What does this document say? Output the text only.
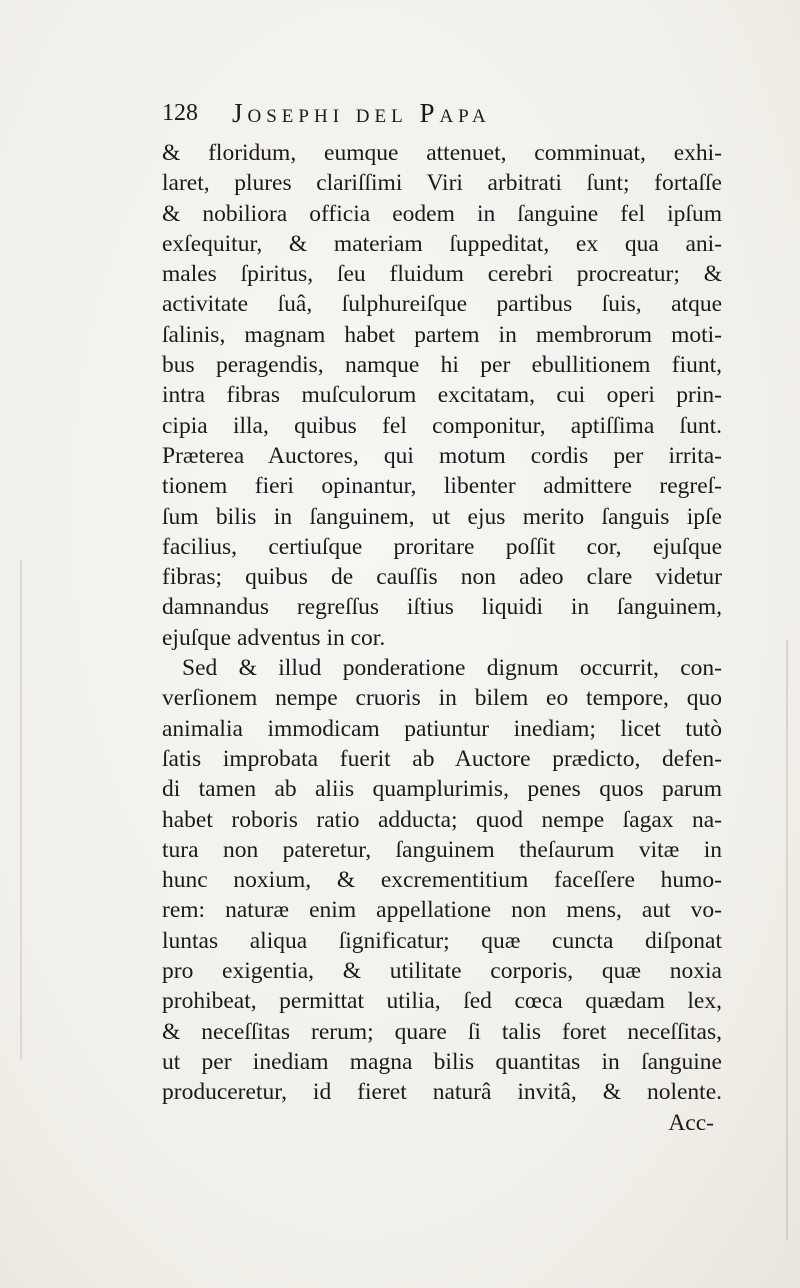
128 Josephi del Papa
& floridum, eumque attenuet, comminuat, exhi-
laret, plures clariſſimi Viri arbitrati ſunt; fortaſſe
& nobiliora officia eodem in ſanguine fel ipſum
exſequitur, & materiam ſuppeditat, ex qua ani-
males ſpiritus, ſeu fluidum cerebri procreatur; &
activitate ſuâ, ſulphureiſque partibus ſuis, atque
ſalinis, magnam habet partem in membrorum moti-
bus peragendis, namque hi per ebullitionem fiunt,
intra fibras muſculorum excitatam, cui operi prin-
cipia illa, quibus fel componitur, aptiſſima ſunt.
Præterea Auctores, qui motum cordis per irrita-
tionem fieri opinantur, libenter admittere regreſ-
ſum bilis in ſanguinem, ut ejus merito ſanguis ipſe
facilius, certiuſque proritare poſſit cor, ejuſque
fibras; quibus de cauſſis non adeo clare videtur
damnandus regreſſus iſtius liquidi in ſanguinem,
ejuſque adventus in cor.
Sed & illud ponderatione dignum occurrit, con-
verſionem nempe cruoris in bilem eo tempore, quo
animalia immodicam patiuntur inediam; licet tutò
ſatis improbata fuerit ab Auctore prædicto, defen-
di tamen ab aliis quamplurimis, penes quos parum
habet roboris ratio adducta; quod nempe ſagax na-
tura non pateretur, ſanguinem theſaurum vitæ in
hunc noxium, & excrementitium faceſſere humo-
rem: naturæ enim appellatione non mens, aut vo-
luntas aliqua ſignificatur; quæ cuncta diſponat
pro exigentia, & utilitate corporis, quæ noxia
prohibeat, permittat utilia, ſed cœca quædam lex,
& neceſſitas rerum; quare ſi talis foret neceſſitas,
ut per inediam magna bilis quantitas in ſanguine
produceretur, id fieret naturâ invitâ, & nolente.
Acc-
